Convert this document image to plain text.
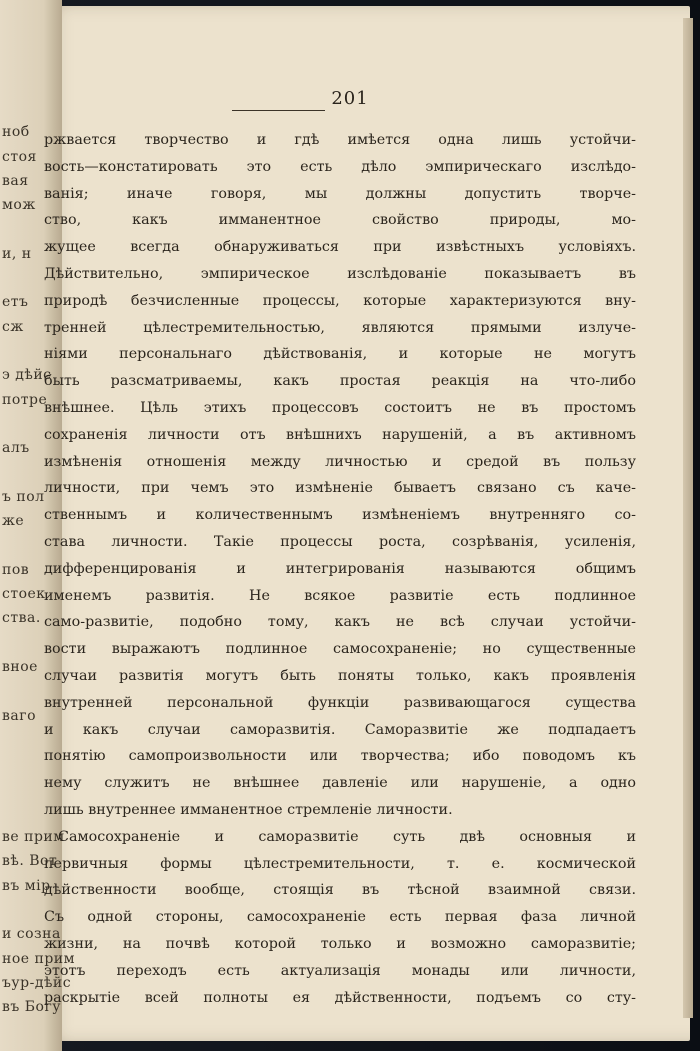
ноб
стоя
вая
мож
и, н
етъ
сж
э дѣйс
потре
алъ
ъ пол
же
пов
стоек
ства.
вное
ваго
ве прим
вѣ. Вот
въ мір
и созна
ное прим
ъур-дѣйс
въ Богу
201
ржвается творчество и гдѣ имѣется одна лишь устойчи-
вость—констатировать это есть дѣло эмпирическаго изслѣдо-
ванія; иначе говоря, мы должны допустить творче-
ство, какъ имманентное свойство природы, мо-
жущее всегда обнаруживаться при извѣстныхъ условіяхъ.
Дѣйствительно, эмпирическое изслѣдованіе показываетъ въ
природѣ безчисленные процессы, которые характеризуются вну-
тренней цѣлестремительностью, являются прямыми излуче-
ніями персональнаго дѣйствованія, и которые не могутъ
быть разсматриваемы, какъ простая реакція на что-либо
внѣшнее. Цѣль этихъ процессовъ состоитъ не въ простомъ
сохраненія личности отъ внѣшнихъ нарушеній, а въ активномъ
измѣненія отношенія между личностью и средой въ пользу
личности, при чемъ это измѣненіе бываетъ связано съ каче-
ственнымъ и количественнымъ измѣненіемъ внутренняго со-
става личности. Такіе процессы роста, созрѣванія, усиленія,
дифференцированія и интегрированія называются общимъ
именемъ развитія. Не всякое развитіе есть подлинное
само-развитіе, подобно тому, какъ не всѣ случаи устойчи-
вости выражаютъ подлинное самосохраненіе; но существенные
случаи развитія могутъ быть поняты только, какъ проявленія
внутренней персональной функціи развивающагося существа
и какъ случаи саморазвитія. Саморазвитіе же подпадаетъ
понятію самопроизвольности или творчества; ибо поводомъ къ
нему служитъ не внѣшнее давленіе или нарушеніе, а одно
лишь внутреннее имманентное стремленіе личности.
Самосохраненіе и саморазвитіе суть двѣ основныя и
первичныя формы цѣлестремительности, т. е. космической
дѣйственности вообще, стоящія въ тѣсной взаимной связи.
Съ одной стороны, самосохраненіе есть первая фаза личной
жизни, на почвѣ которой только и возможно саморазвитіе;
этотъ переходъ есть актуализація монады или личности,
раскрытіе всей полноты ея дѣйственности, подъемъ со сту-
